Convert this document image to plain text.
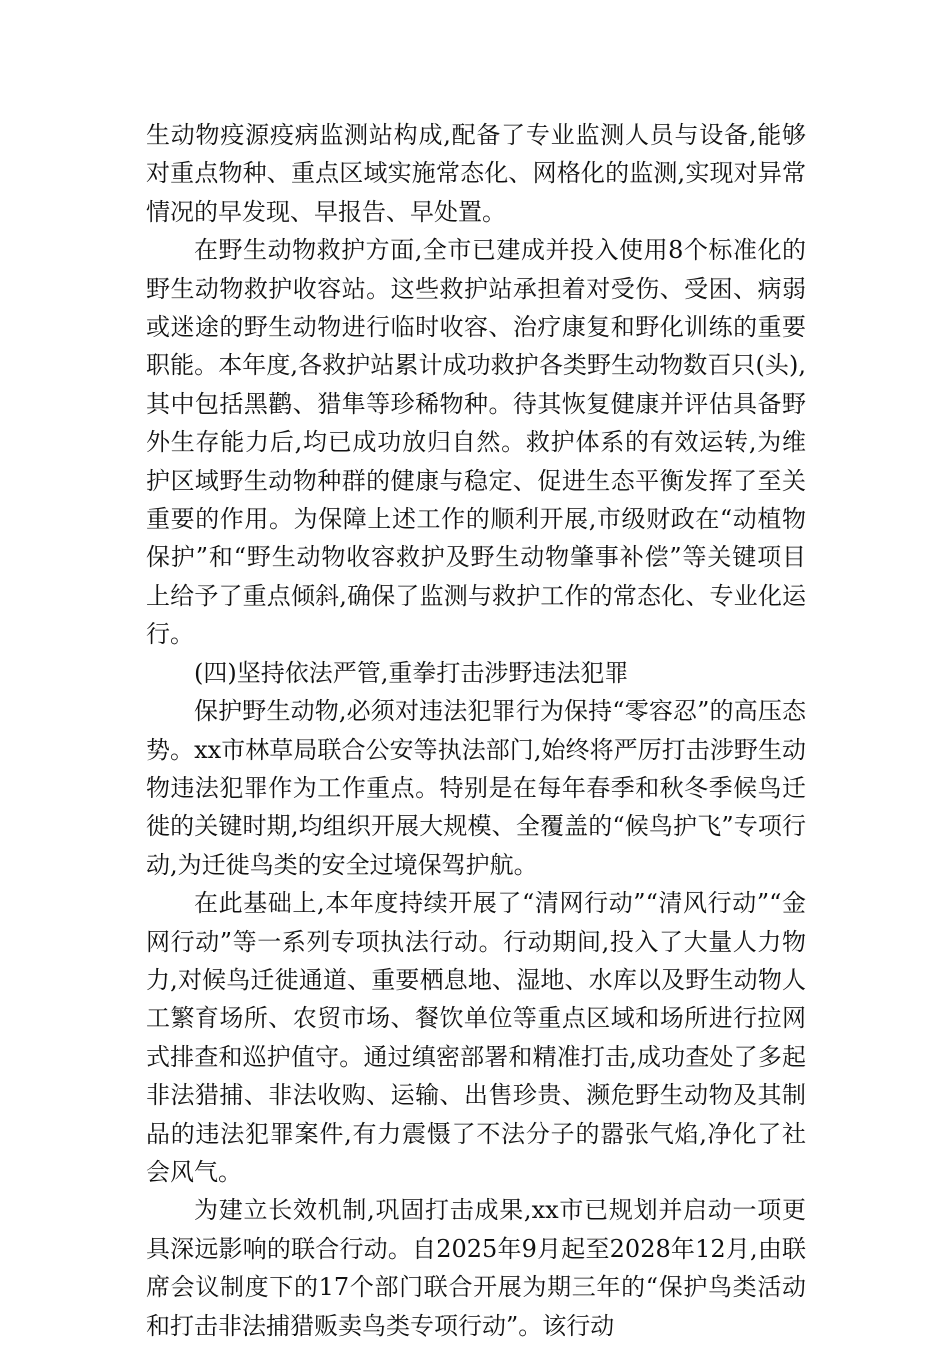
生动物疫源疫病监测站构成,配备了专业监测人员与设备,能够对重点物种、重点区域实施常态化、网格化的监测,实现对异常情况的早发现、早报告、早处置。

在野生动物救护方面,全市已建成并投入使用8个标准化的野生动物救护收容站。这些救护站承担着对受伤、受困、病弱或迷途的野生动物进行临时收容、治疗康复和野化训练的重要职能。本年度,各救护站累计成功救护各类野生动物数百只(头),其中包括黑鹳、猎隼等珍稀物种。待其恢复健康并评估具备野外生存能力后,均已成功放归自然。救护体系的有效运转,为维护区域野生动物种群的健康与稳定、促进生态平衡发挥了至关重要的作用。为保障上述工作的顺利开展,市级财政在“动植物保护”和“野生动物收容救护及野生动物肇事补偿”等关键项目上给予了重点倾斜,确保了监测与救护工作的常态化、专业化运行。

(四)坚持依法严管,重拳打击涉野违法犯罪

保护野生动物,必须对违法犯罪行为保持“零容忍”的高压态势。xx市林草局联合公安等执法部门,始终将严厉打击涉野生动物违法犯罪作为工作重点。特别是在每年春季和秋冬季候鸟迁徙的关键时期,均组织开展大规模、全覆盖的“候鸟护飞”专项行动,为迁徙鸟类的安全过境保驾护航。

在此基础上,本年度持续开展了“清网行动”“清风行动”“金网行动”等一系列专项执法行动。行动期间,投入了大量人力物力,对候鸟迁徙通道、重要栖息地、湿地、水库以及野生动物人工繁育场所、农贸市场、餐饮单位等重点区域和场所进行拉网式排查和巡护值守。通过缜密部署和精准打击,成功查处了多起非法猎捕、非法收购、运输、出售珍贵、濒危野生动物及其制品的违法犯罪案件,有力震慑了不法分子的嚣张气焰,净化了社会风气。

为建立长效机制,巩固打击成果,xx市已规划并启动一项更具深远影响的联合行动。自2025年9月起至2028年12月,由联席会议制度下的17个部门联合开展为期三年的“保护鸟类活动和打击非法捕猎贩卖鸟类专项行动”。该行动
